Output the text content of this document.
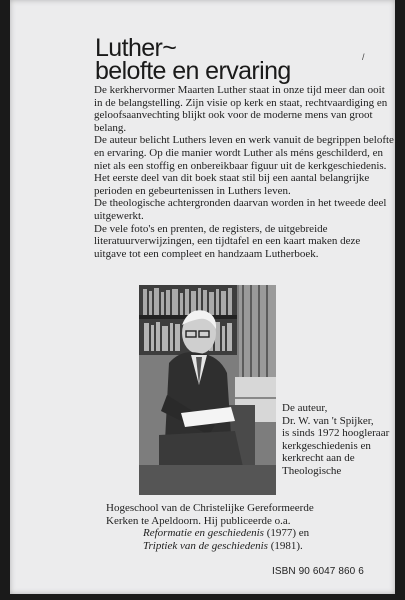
Luther~
belofte en ervaring	/

De kerkhervormer Maarten Luther staat in onze tijd meer dan ooit in de belangstelling. Zijn visie op kerk en staat, rechtvaardiging en geloofsaanvechting blijkt ook voor de moderne mens van groot belang.

De auteur belicht Luthers leven en werk vanuit de begrippen belofte en ervaring. Op die manier wordt Luther als méns geschilderd, en niet als een stoffig en onbereikbaar figuur uit de kerkgeschiedenis.

Het eerste deel van dit boek staat stil bij een aantal belangrijke perioden en gebeurtenissen in Luthers leven.

De theologische achtergronden daarvan worden in het tweede deel uitgewerkt.

De vele foto's en prenten, de registers, de uitgebreide literatuurverwijzingen, een tijdtafel en een kaart maken deze uitgave tot een compleet en handzaam Lutherboek.

De auteur,
Dr. W. van 't Spijker,
is sinds 1972 hoogleraar
kerkgeschiedenis en
kerkrecht aan de
Theologische
Hogeschool van de Christelijke Gereformeerde
Kerken te Apeldoorn. Hij publiceerde o.a.
Reformatie en geschiedenis (1977) en
Triptiek van de geschiedenis (1981).
ISBN 90 6047 860 6
